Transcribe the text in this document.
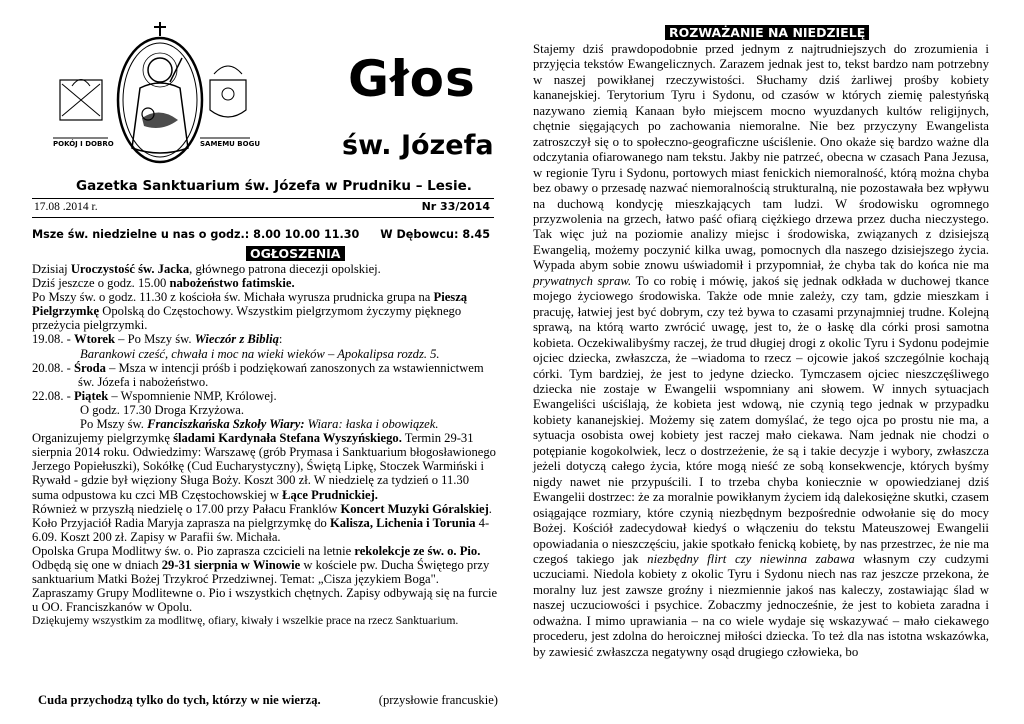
POKÓJ I DOBRO	SAMEMU BOGU
Głos
św. Józefa
Gazetka Sanktuarium św. Józefa w Prudniku – Lesie.
17.08 .2014 r.	Nr 33/2014
Msze św. niedzielne u nas o godz.: 8.00 10.00 11.30 W Dębowcu: 8.45
OGŁOSZENIA

Dzisiaj Uroczystość św. Jacka, głównego patrona diecezji opolskiej.

Dziś jeszcze o godz. 15.00 nabożeństwo fatimskie.

Po Mszy św. o godz. 11.30 z kościoła św. Michała wyrusza prudnicka grupa na Pieszą Pielgrzymkę Opolską do Częstochowy. Wszystkim pielgrzymom życzymy pięknego przeżycia pielgrzymki.

19.08. - Wtorek – Po Mszy św. Wieczór z Biblią:

Barankowi cześć, chwała i moc na wieki wieków – Apokalipsa rozdz. 5.

20.08. - Środa – Msza w intencji próśb i podziękowań zanoszonych za wstawiennictwem św. Józefa i nabożeństwo.

22.08. - Piątek – Wspomnienie NMP, Królowej.

O godz. 17.30 Droga Krzyżowa.

Po Mszy św. Franciszkańska Szkoły Wiary: Wiara: łaska i obowiązek.

Organizujemy pielgrzymkę śladami Kardynała Stefana Wyszyńskiego. Termin 29-31 sierpnia 2014 roku. Odwiedzimy: Warszawę (grób Prymasa i Sanktuarium błogosławionego Jerzego Popiełuszki), Sokółkę (Cud Eucharystyczny), Świętą Lipkę, Stoczek Warmiński i Rywałd - gdzie był więziony Sługa Boży. Koszt 300 zł. W niedzielę za tydzień o 11.30 suma odpustowa ku czci MB Częstochowskiej w Łące Prudnickiej.

Również w przyszłą niedzielę o 17.00 przy Pałacu Franklów Koncert Muzyki Góralskiej.

Koło Przyjaciół Radia Maryja zaprasza na pielgrzymkę do Kalisza, Lichenia i Torunia 4-6.09. Koszt 200 zł. Zapisy w Parafii św. Michała.

Opolska Grupa Modlitwy św. o. Pio zaprasza czcicieli na letnie rekolekcje ze św. o. Pio. Odbędą się one w dniach 29-31 sierpnia w Winowie w kościele pw. Ducha Świętego przy sanktuarium Matki Bożej Trzykroć Przedziwnej. Temat: „Cisza językiem Boga". Zapraszamy Grupy Modlitewne o. Pio i wszystkich chętnych. Zapisy odbywają się na furcie u OO. Franciszkanów w Opolu.

Dziękujemy wszystkim za modlitwę, ofiary, kiwały i wszelkie prace na rzecz Sanktuarium.

Cuda przychodzą tylko do tych, którzy w nie wierzą.	(przysłowie francuskie)
ROZWAŻANIE NA NIEDZIELĘ

Stajemy dziś prawdopodobnie przed jednym z najtrudniejszych do zrozumienia i przyjęcia tekstów Ewangelicznych. Zarazem jednak jest to, tekst bardzo nam potrzebny w naszej powikłanej rzeczywistości. Słuchamy dziś żarliwej prośby kobiety kananejskiej. Terytorium Tyru i Sydonu, od czasów w których ziemię palestyńską nazywano ziemią Kanaan było miejscem mocno wyuzdanych kultów religijnych, chętnie sięgających po zachowania niemoralne. Nie bez przyczyny Ewangelista zatroszczył się o to społeczno-geograficzne uściślenie. Ono okaże się bardzo ważne dla odczytania ofiarowanego nam tekstu. Jakby nie patrzeć, obecna w czasach Pana Jezusa, w regionie Tyru i Sydonu, portowych miast fenickich niemoralność, którą można chyba bez obawy o przesadę nazwać niemoralnością strukturalną, nie pozostawała bez wpływu na duchową kondycję mieszkających tam ludzi. W środowisku ogromnego przyzwolenia na grzech, łatwo paść ofiarą ciężkiego drzewa przez ducha nieczystego. Tak więc już na poziomie analizy miejsc i środowiska, związanych z dzisiejszą Ewangelią, możemy poczynić kilka uwag, pomocnych dla naszego dzisiejszego życia. Wypada abym sobie znowu uświadomił i przypomniał, że chyba tak do końca nie ma prywatnych spraw. To co robię i mówię, jakoś się jednak odkłada w duchowej tkance mojego życiowego środowiska. Także ode mnie zależy, czy tam, gdzie mieszkam i pracuję, łatwiej jest być dobrym, czy też bywa to czasami przynajmniej trudne. Kolejną sprawą, na którą warto zwrócić uwagę, jest to, że o łaskę dla córki prosi samotna kobieta. Oczekiwalibyśmy raczej, że trud długiej drogi z okolic Tyru i Sydonu podejmie ojciec dziecka, zwłaszcza, że –wiadoma to rzecz – ojcowie jakoś szczególnie kochają córki. Tym bardziej, że jest to jedyne dziecko. Tymczasem ojciec nieszczęśliwego dziecka nie zostaje w Ewangelii wspomniany ani słowem. W innych sytuacjach Ewangeliści uściślają, że kobieta jest wdową, nie czynią tego jednak w przypadku kobiety kananejskiej. Możemy się zatem domyślać, że tego ojca po prostu nie ma, a sytuacja osobista owej kobiety jest raczej mało ciekawa. Nam jednak nie chodzi o potępianie kogokolwiek, lecz o dostrzeżenie, że są i takie decyzje i wybory, zwłaszcza jeżeli dotyczą całego życia, które mogą nieść ze sobą konsekwencje, których byśmy nigdy nawet nie przypuścili. I to trzeba chyba koniecznie w opowiedzianej dziś Ewangelii dostrzec: że za moralnie powikłanym życiem idą dalekosiężne skutki, czasem osiągające rozmiary, które czynią niezbędnym bezpośrednie odwołanie się do mocy Bożej. Kościół zadecydował kiedyś o włączeniu do tekstu Mateuszowej Ewangelii opowiadania o nieszczęściu, jakie spotkało fenicką kobietę, by nas przestrzec, że nie ma czegoś takiego jak niezbędny flirt czy niewinna zabawa własnym czy cudzymi uczuciami. Niedola kobiety z okolic Tyru i Sydonu niech nas raz jeszcze przekona, że moralny luz jest zawsze groźny i niezmiennie jakoś nas kaleczy, zostawiając ślad w naszej uczuciowości i psychice. Zobaczmy jednocześnie, że jest to kobieta zaradna i odważna. I mimo uprawiania – na co wiele wydaje się wskazywać – mało ciekawego procederu, jest zdolna do heroicznej miłości dziecka. To też dla nas istotna wskazówka, by zawiesić zwłaszcza negatywny osąd drugiego człowieka, bo
